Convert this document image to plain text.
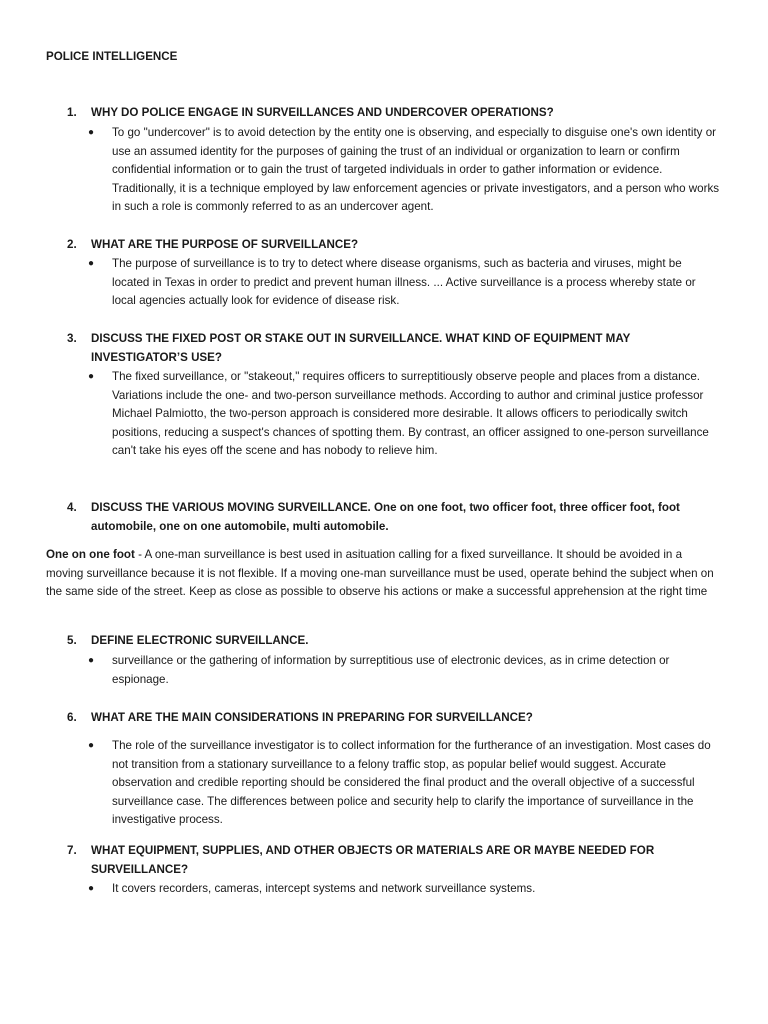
POLICE INTELLIGENCE
1. WHY DO POLICE ENGAGE IN SURVEILLANCES AND UNDERCOVER OPERATIONS?
● To go "undercover" is to avoid detection by the entity one is observing, and especially to disguise one's own identity or use an assumed identity for the purposes of gaining the trust of an individual or organization to learn or confirm confidential information or to gain the trust of targeted individuals in order to gather information or evidence. Traditionally, it is a technique employed by law enforcement agencies or private investigators, and a person who works in such a role is commonly referred to as an undercover agent.
2. WHAT ARE THE PURPOSE OF SURVEILLANCE?
● The purpose of surveillance is to try to detect where disease organisms, such as bacteria and viruses, might be located in Texas in order to predict and prevent human illness. ... Active surveillance is a process whereby state or local agencies actually look for evidence of disease risk.
3. DISCUSS THE FIXED POST OR STAKE OUT IN SURVEILLANCE. WHAT KIND OF EQUIPMENT MAY INVESTIGATOR’S USE?
● The fixed surveillance, or "stakeout," requires officers to surreptitiously observe people and places from a distance. Variations include the one- and two-person surveillance methods. According to author and criminal justice professor Michael Palmiotto, the two-person approach is considered more desirable. It allows officers to periodically switch positions, reducing a suspect's chances of spotting them. By contrast, an officer assigned to one-person surveillance can't take his eyes off the scene and has nobody to relieve him.
4. DISCUSS THE VARIOUS MOVING SURVEILLANCE. One on one foot, two officer foot, three officer foot, foot automobile, one on one automobile, multi automobile.
One on one foot - A one-man surveillance is best used in asituation calling for a fixed surveillance. It should be avoided in a moving surveillance because it is not flexible. If a moving one-man surveillance must be used, operate behind the subject when on the same side of the street. Keep as close as possible to observe his actions or make a successful apprehension at the right time
5. DEFINE ELECTRONIC SURVEILLANCE.
● surveillance or the gathering of information by surreptitious use of electronic devices, as in crime detection or espionage.
6. WHAT ARE THE MAIN CONSIDERATIONS IN PREPARING FOR SURVEILLANCE?
● The role of the surveillance investigator is to collect information for the furtherance of an investigation. Most cases do not transition from a stationary surveillance to a felony traffic stop, as popular belief would suggest. Accurate observation and credible reporting should be considered the final product and the overall objective of a successful surveillance case. The differences between police and security help to clarify the importance of surveillance in the investigative process.
7. WHAT EQUIPMENT, SUPPLIES, AND OTHER OBJECTS OR MATERIALS ARE OR MAYBE NEEDED FOR SURVEILLANCE?
● It covers recorders, cameras, intercept systems and network surveillance systems.
